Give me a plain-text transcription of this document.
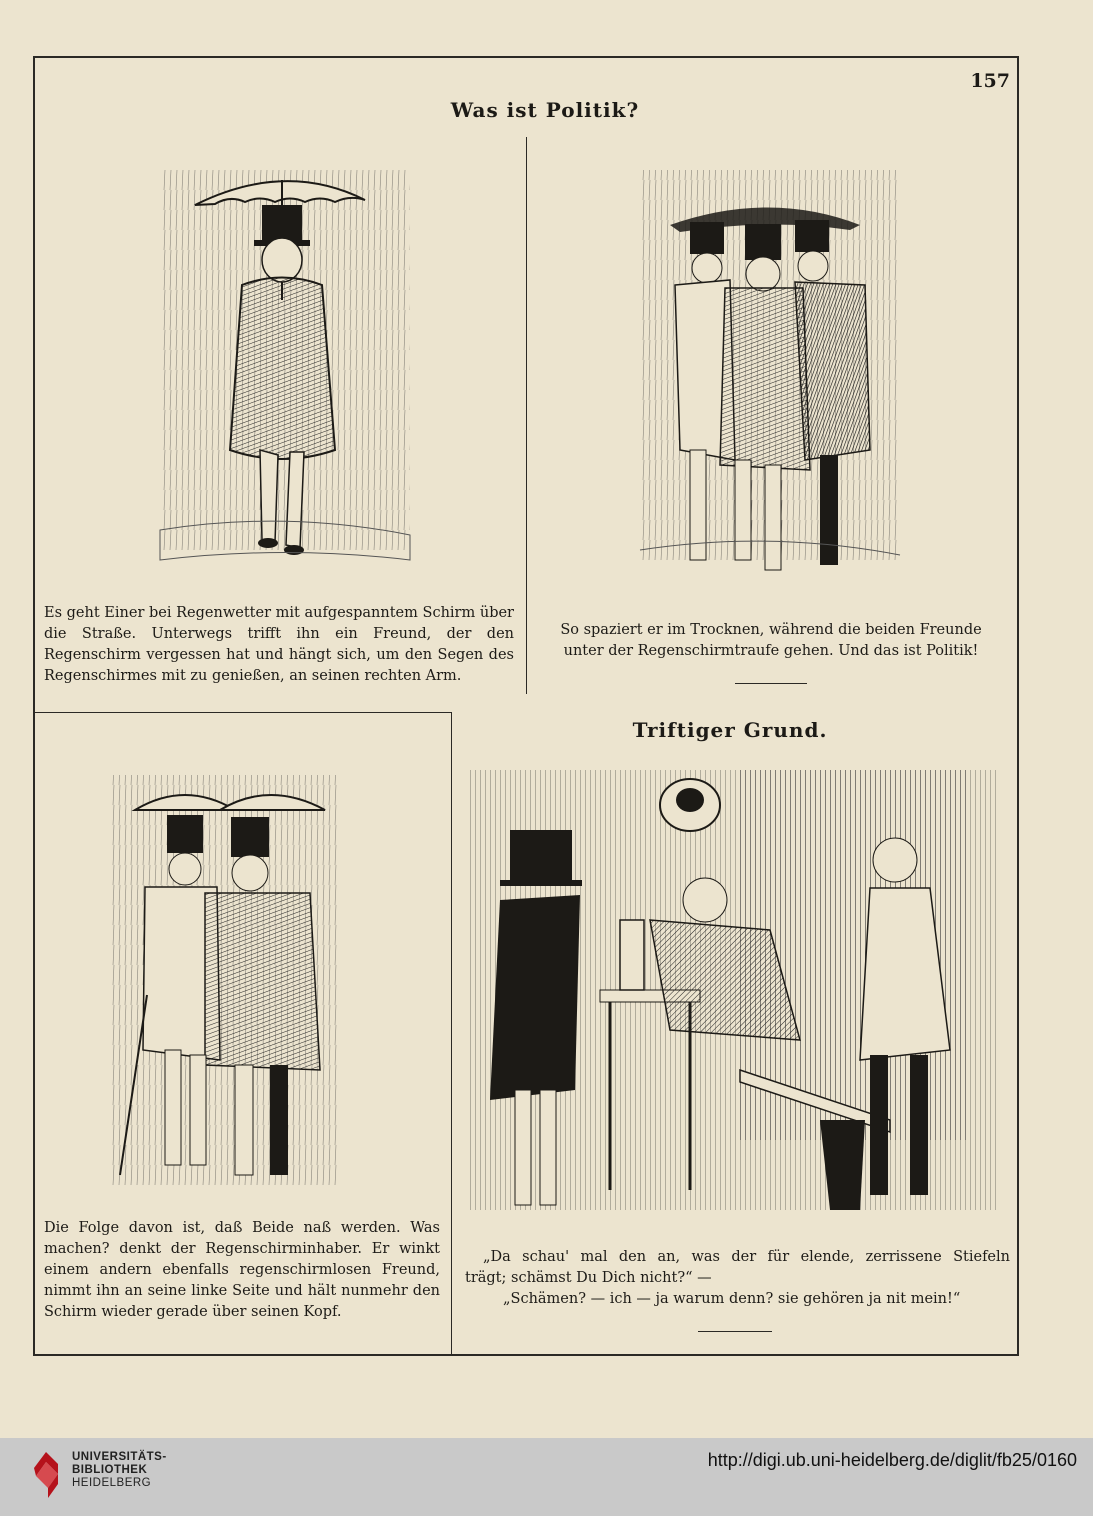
157
Was ist Politik?

Es geht Einer bei Regenwetter mit aufgespanntem Schirm über die Straße. Unterwegs trifft ihn ein Freund, der den Regenschirm vergessen hat und hängt sich, um den Segen des Regenschirmes mit zu genießen, an seinen rechten Arm.

So spaziert er im Trocknen, während die beiden Freunde

unter der Regenschirmtraufe gehen. Und das ist Politik!

Triftiger Grund.

Die Folge davon ist, daß Beide naß werden. Was machen? denkt der Regenschirminhaber. Er winkt einem andern ebenfalls regenschirmlosen Freund, nimmt ihn an seine linke Seite und hält nunmehr den Schirm wieder gerade über seinen Kopf.

„Da schau' mal den an, was der für elende, zerrissene Stiefeln

trägt; schämst Du Dich nicht?“ —

„Schämen? — ich — ja warum denn? sie gehören ja nit mein!“

UNIVERSITÄTS-
BIBLIOTHEK
HEIDELBERG
http://digi.ub.uni-heidelberg.de/diglit/fb25/0160
